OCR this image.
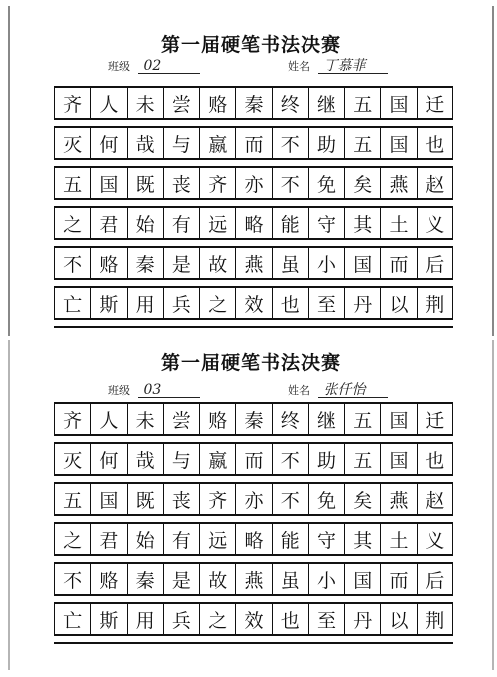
第一届硬笔书法决赛
班级 02	姓名 丁慕菲
齐 人 未 尝 赂 秦 终 继 五 国 迁
灭 何 哉 与 嬴 而 不 助 五 国 也
五 国 既 丧 齐 亦 不 免 矣 燕 赵
之 君 始 有 远 略 能 守 其 土 义
不 赂 秦 是 故 燕 虽 小 国 而 后
亡 斯 用 兵 之 效 也 至 丹 以 荆
第一届硬笔书法决赛
班级 03	姓名 张仟怡
齐 人 未 尝 赂 秦 终 继 五 国 迁
灭 何 哉 与 嬴 而 不 助 五 国 也
五 国 既 丧 齐 亦 不 免 矣 燕 赵
之 君 始 有 远 略 能 守 其 土 义
不 赂 秦 是 故 燕 虽 小 国 而 后
亡 斯 用 兵 之 效 也 至 丹 以 荆
